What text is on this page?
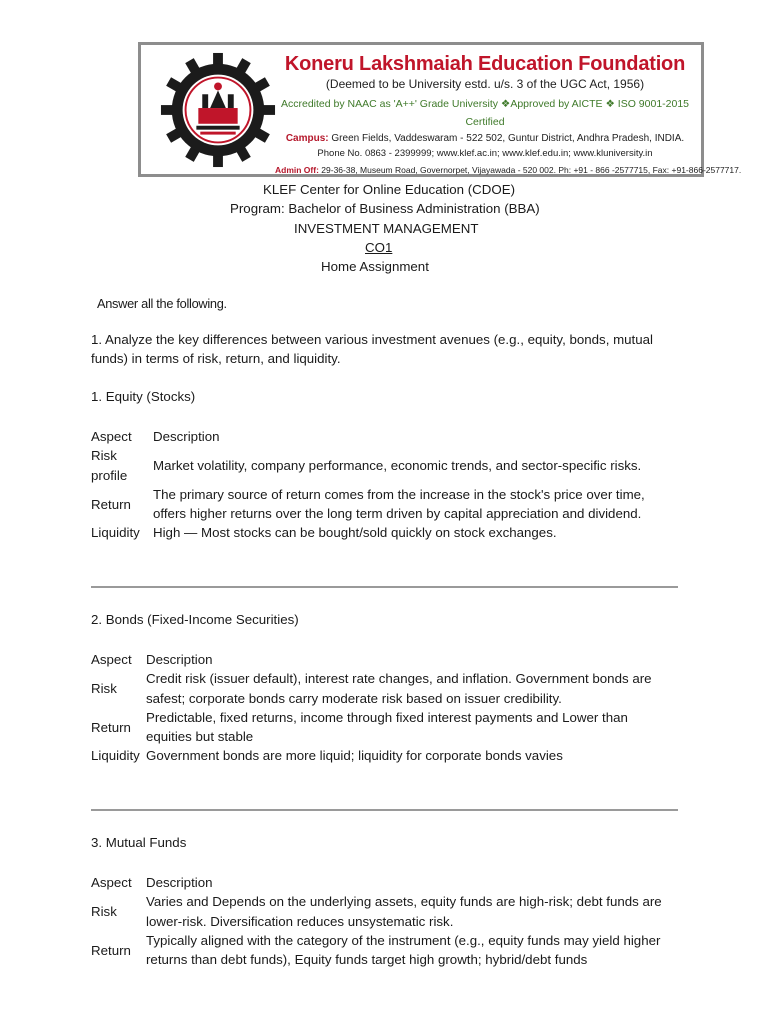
Koneru Lakshmaiah Education Foundation
(Deemed to be University estd. u/s. 3 of the UGC Act, 1956)
Accredited by NAAC as 'A++' Grade University ❖Approved by AICTE ❖ ISO 9001-2015 Certified
Campus: Green Fields, Vaddeswaram - 522 502, Guntur District, Andhra Pradesh, INDIA.
Phone No. 0863 - 2399999; www.klef.ac.in; www.klef.edu.in; www.kluniversity.in
Admin Off: 29-36-38, Museum Road, Governorpet, Vijayawada - 520 002. Ph: +91 - 866 -2577715, Fax: +91-866-2577717.
KLEF Center for Online Education (CDOE)
Program: Bachelor of Business Administration (BBA)
INVESTMENT MANAGEMENT
CO1
Home Assignment
Answer all the following.
1. Analyze the key differences between various investment avenues (e.g., equity, bonds, mutual funds) in terms of risk, return, and liquidity.
1. Equity (Stocks)
Aspect	Description
Risk profile	Market volatility, company performance, economic trends, and sector-specific risks.
Return	The primary source of return comes from the increase in the stock's price over time, offers higher returns over the long term driven by capital appreciation and dividend.
Liquidity	High — Most stocks can be bought/sold quickly on stock exchanges.
2. Bonds (Fixed-Income Securities)
Aspect	Description
Risk	Credit risk (issuer default), interest rate changes, and inflation. Government bonds are safest; corporate bonds carry moderate risk based on issuer credibility.
Return	Predictable, fixed returns, income through fixed interest payments and Lower than equities but stable
Liquidity	Government bonds are more liquid; liquidity for corporate bonds vavies
3. Mutual Funds
Aspect	Description
Risk	Varies and Depends on the underlying assets, equity funds are high-risk; debt funds are lower-risk. Diversification reduces unsystematic risk.
Return	Typically aligned with the category of the instrument (e.g., equity funds may yield higher returns than debt funds), Equity funds target high growth; hybrid/debt funds
